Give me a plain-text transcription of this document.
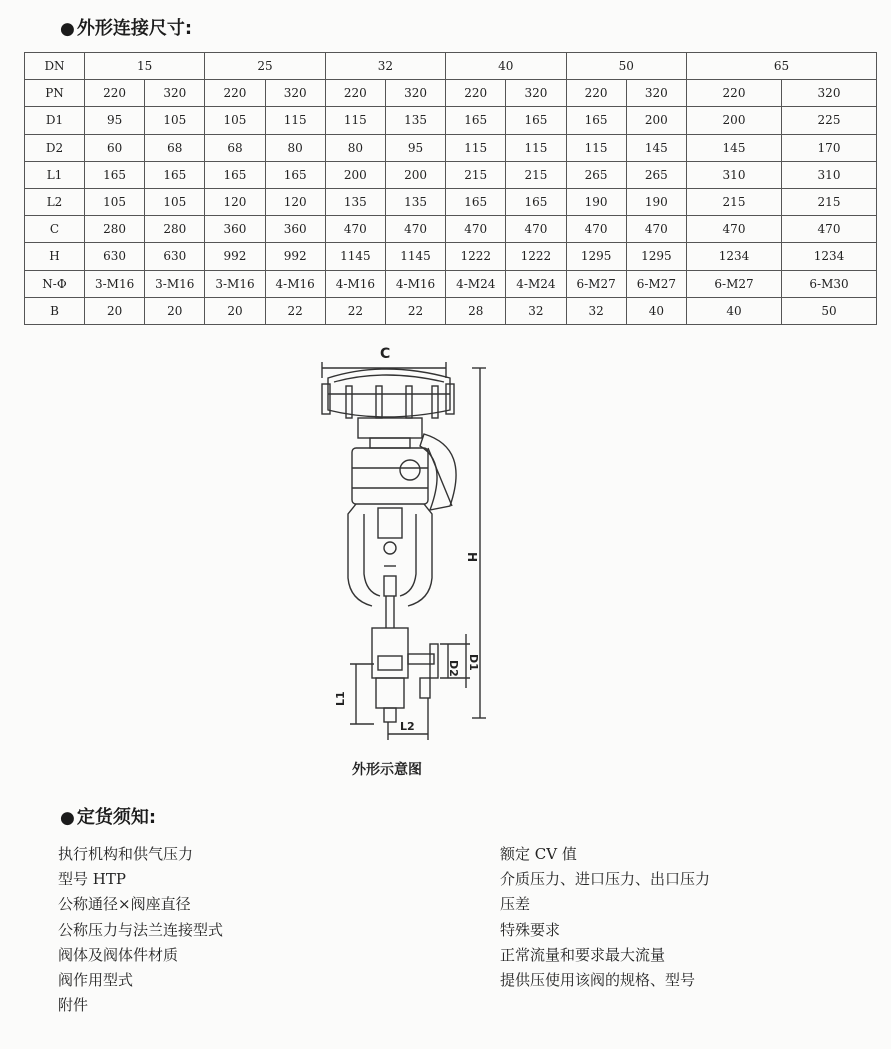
● 外形连接尺寸:
DN	15		25		32		40		50		65	
PN	220	320	220	320	220	320	220	320	220	320	220	320
D1	95	105	105	115	115	135	165	165	165	200	200	225
D2	60	68	68	80	80	95	115	115	115	145	145	170
L1	165	165	165	165	200	200	215	215	265	265	310	310
L2	105	105	120	120	135	135	165	165	190	190	215	215
C	280	280	360	360	470	470	470	470	470	470	470	470
H	630	630	992	992	1145	1145	1222	1222	1295	1295	1234	1234
N-Φ	3-M16	3-M16	3-M16	4-M16	4-M16	4-M16	4-M24	4-M24	6-M27	6-M27	6-M27	6-M30
B	20	20	20	22	22	22	28	32	32	40	40	50
C
H
D2 D1
L1
L2
外形示意图
● 定货须知:
执行机构和供气压力
型号 HTP
公称通径×阀座直径
公称压力与法兰连接型式
阀体及阀体件材质
阀作用型式
附件
额定 CV 值
介质压力、进口压力、出口压力
压差
特殊要求
正常流量和要求最大流量
提供压使用该阀的规格、型号
